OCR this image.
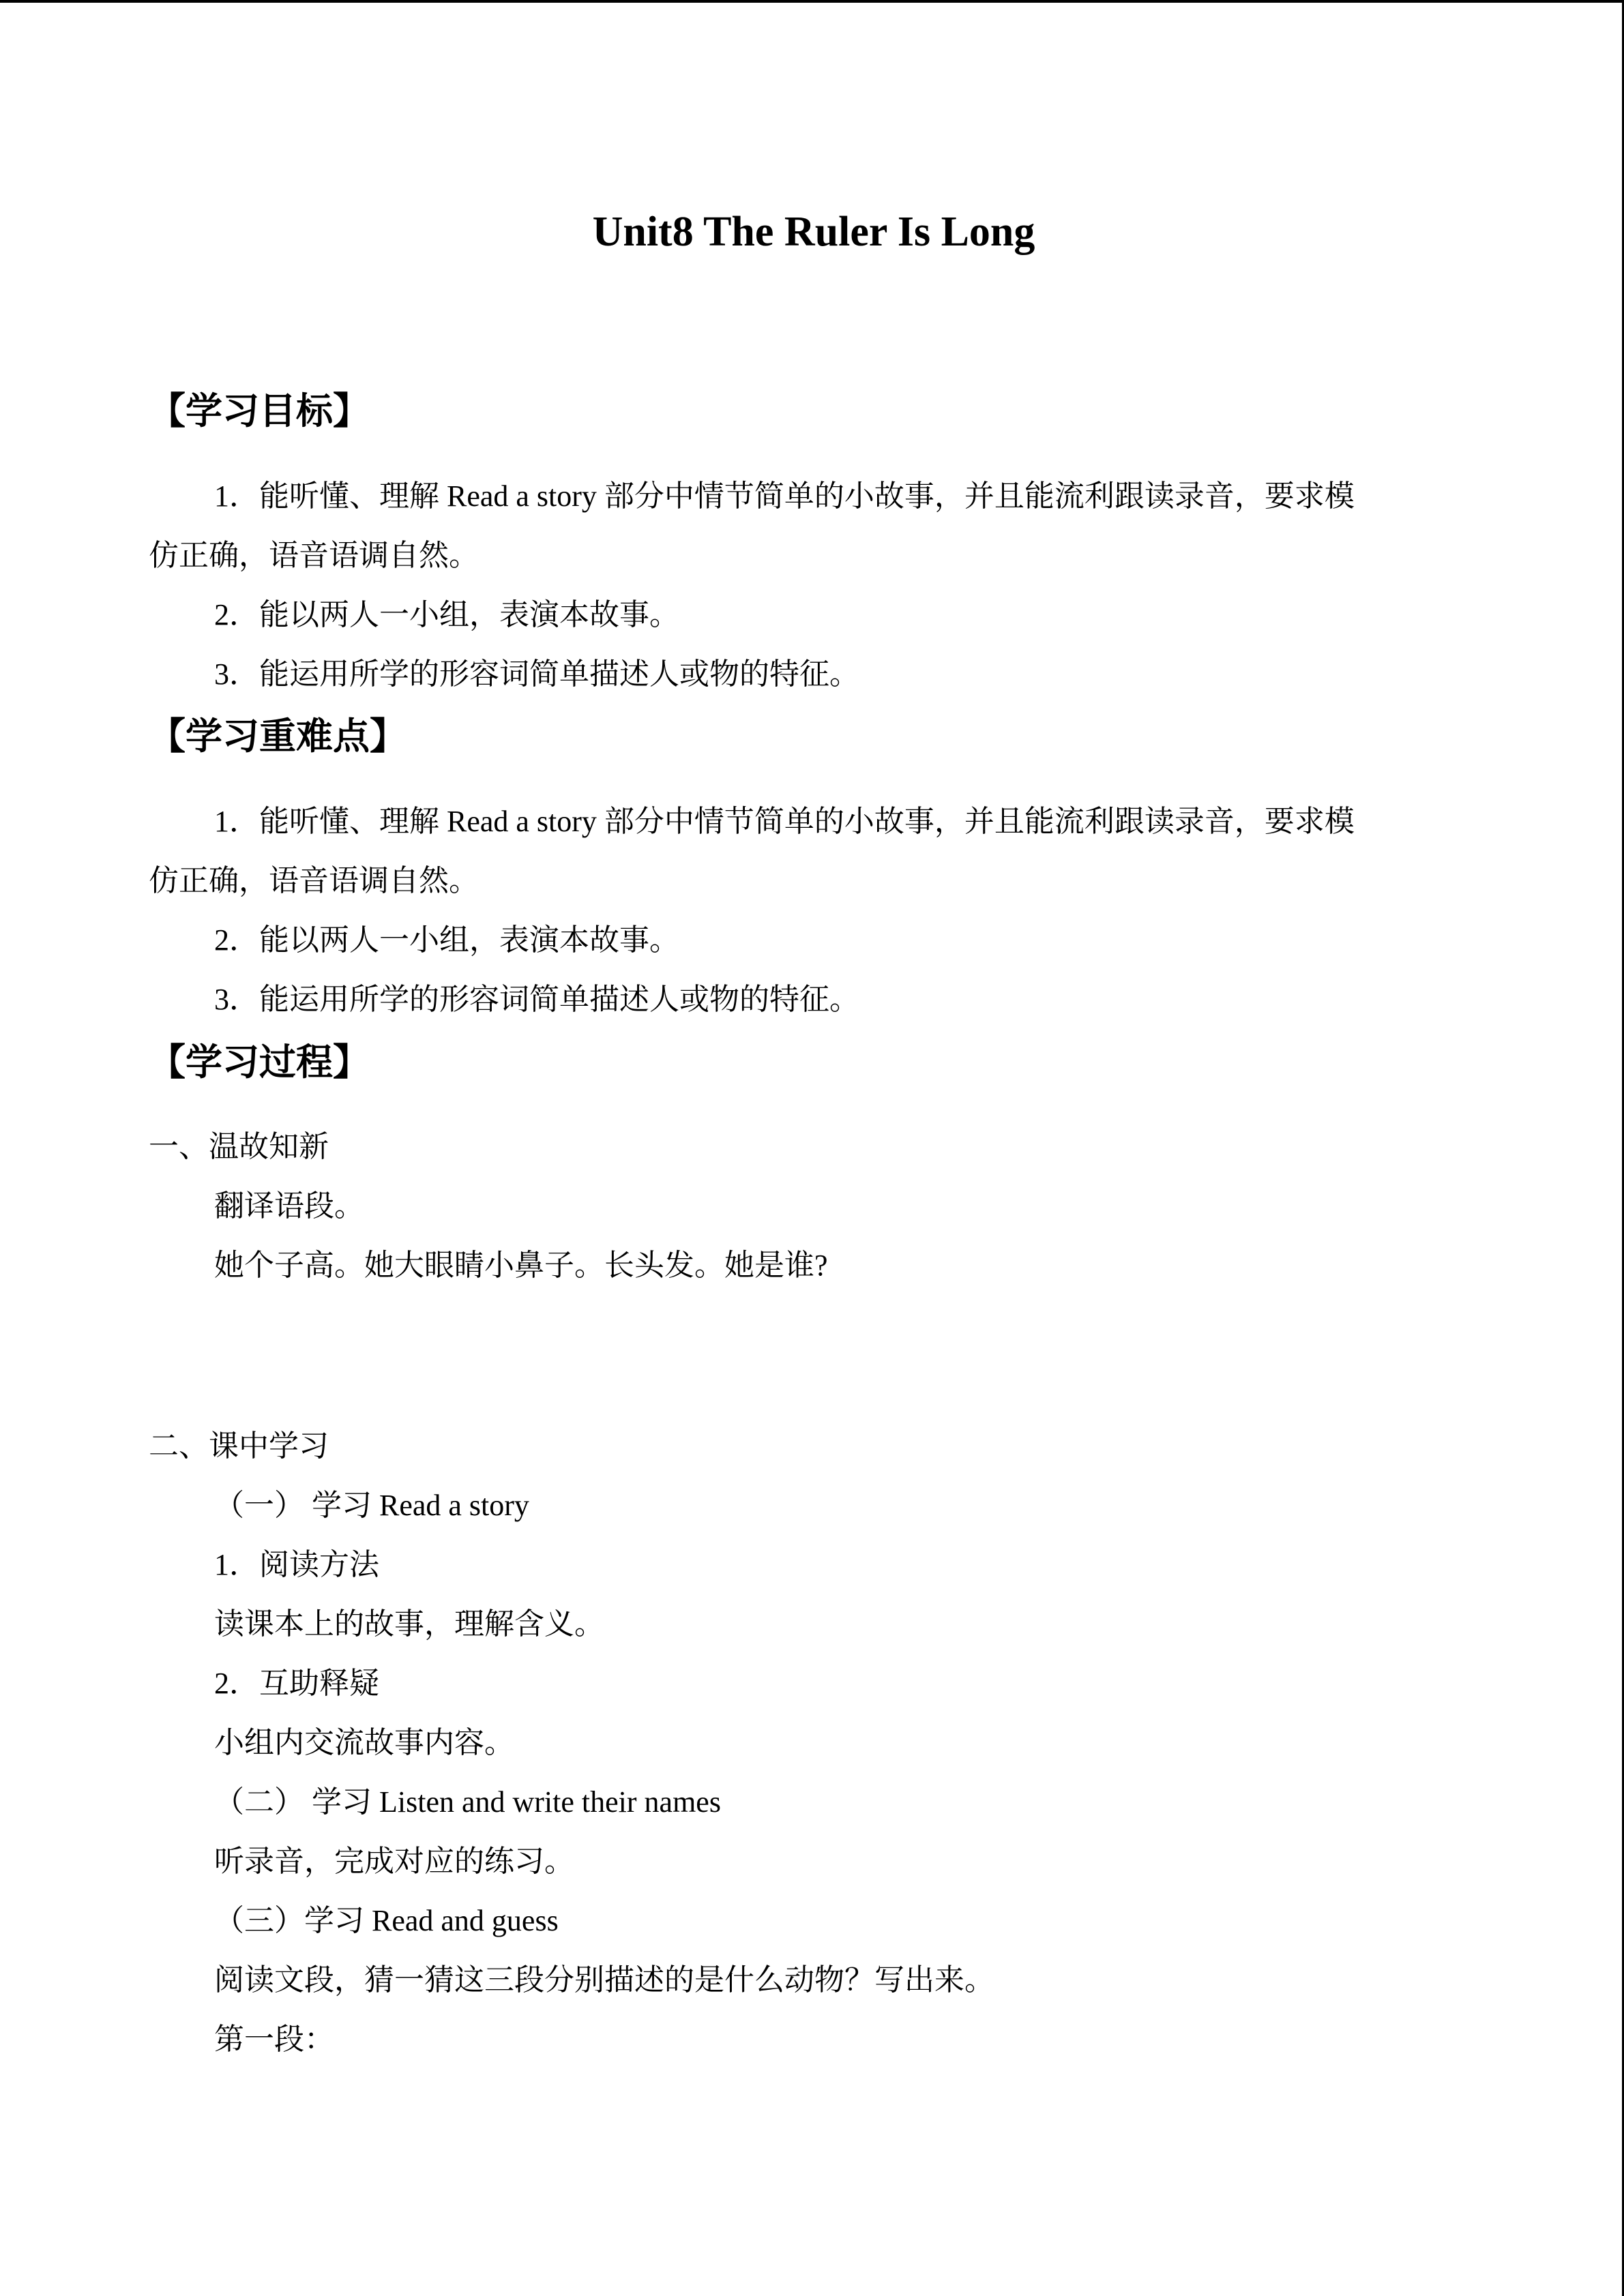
Unit8 The Ruler Is Long
【学习目标】
1．能听懂、理解 Read a story 部分中情节简单的小故事，并且能流利跟读录音，要求模
仿正确，语音语调自然。
2．能以两人一小组，表演本故事。
3．能运用所学的形容词简单描述人或物的特征。
【学习重难点】
1．能听懂、理解 Read a story 部分中情节简单的小故事，并且能流利跟读录音，要求模
仿正确，语音语调自然。
2．能以两人一小组，表演本故事。
3．能运用所学的形容词简单描述人或物的特征。
【学习过程】
一、温故知新
翻译语段。
她个子高。她大眼睛小鼻子。长头发。她是谁?
二、课中学习
（一） 学习 Read a story
1．阅读方法
读课本上的故事，理解含义。
2．互助释疑
小组内交流故事内容。
（二） 学习 Listen and write their names
听录音，完成对应的练习。
（三）学习 Read and guess
阅读文段，猜一猜这三段分别描述的是什么动物？写出来。
第一段：
